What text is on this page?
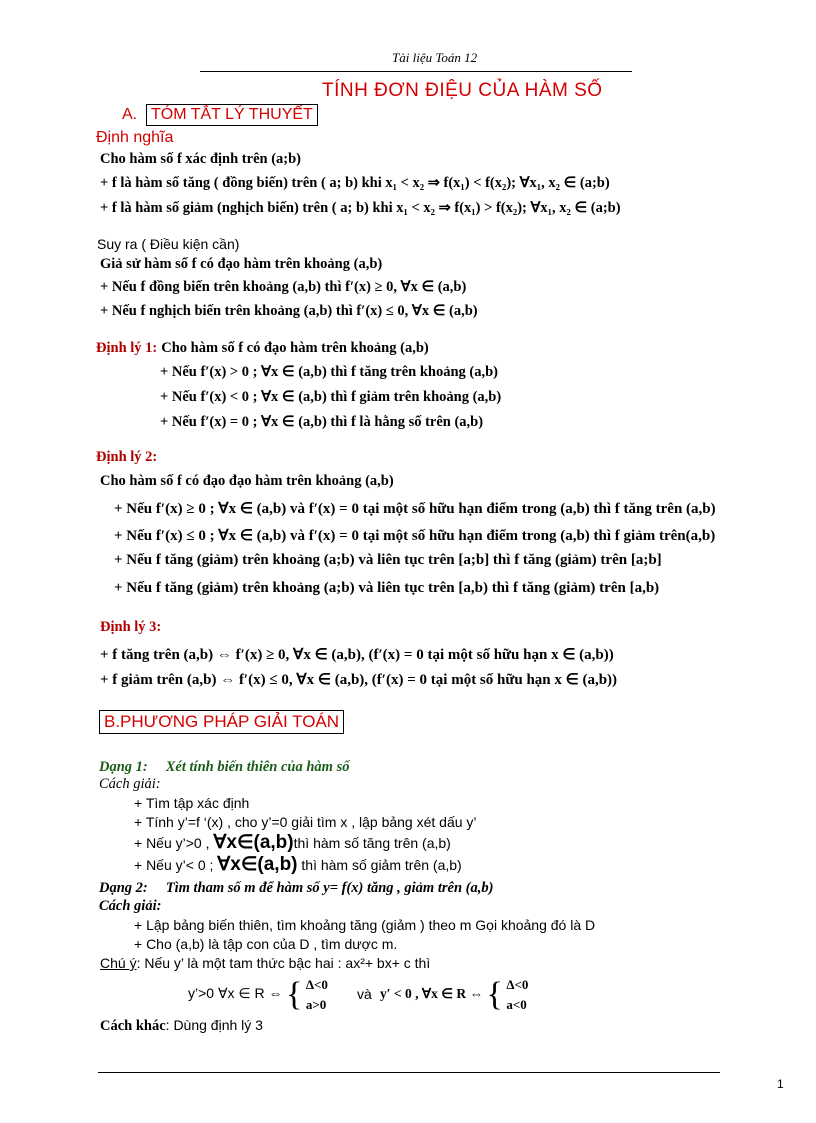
Tài liệu Toán 12
TÍNH ĐƠN ĐIỆU CỦA HÀM SỐ
A. TÓM TẮT LÝ THUYẾT
Định nghĩa
Cho hàm số f xác định trên (a;b)
+ f là hàm số tăng ( đồng biến) trên ( a; b) khi x₁ < x₂ ⇒ f(x₁) < f(x₂); ∀x₁, x₂ ∈ (a;b)
+ f là hàm số giảm (nghịch biến) trên ( a; b) khi x₁ < x₂ ⇒ f(x₁) > f(x₂); ∀x₁, x₂ ∈ (a;b)
Suy ra ( Điều kiện cần)
Giả sử hàm số f có đạo hàm trên khoảng (a,b)
+ Nếu f đồng biến trên khoảng (a,b) thì f′(x) ≥ 0, ∀x ∈ (a,b)
+ Nếu f nghịch biến trên khoảng (a,b) thì f′(x) ≤ 0, ∀x ∈ (a,b)
Định lý 1: Cho hàm số f có đạo hàm trên khoảng (a,b)
+ Nếu f′(x) > 0 ; ∀x ∈ (a,b) thì f tăng trên khoảng (a,b)
+ Nếu f′(x) < 0 ; ∀x ∈ (a,b) thì f giảm trên khoảng (a,b)
+ Nếu f′(x) = 0 ; ∀x ∈ (a,b) thì f là hằng số trên (a,b)
Định lý 2:
Cho hàm số f có đạo đạo hàm trên khoảng (a,b)
+ Nếu f′(x) ≥ 0 ; ∀x ∈ (a,b) và f′(x) = 0 tại một số hữu hạn điểm trong (a,b) thì f tăng trên (a,b)
+ Nếu f′(x) ≤ 0 ; ∀x ∈ (a,b) và f′(x) = 0 tại một số hữu hạn điểm trong (a,b) thì f giảm trên(a,b)
+ Nếu f tăng (giảm) trên khoảng (a;b) và liên tục trên [a;b] thì f tăng (giảm) trên [a;b]
+ Nếu f tăng (giảm) trên khoảng (a;b) và liên tục trên [a,b) thì f tăng (giảm) trên [a,b)
Định lý 3:
+ f tăng trên (a,b) ⇔ f′(x) ≥ 0, ∀x ∈ (a,b), (f′(x) = 0 tại một số hữu hạn x ∈ (a,b))
+ f giảm trên (a,b) ⇔ f′(x) ≤ 0, ∀x ∈ (a,b), (f′(x) = 0 tại một số hữu hạn x ∈ (a,b))
B.PHƯƠNG PHÁP GIẢI TOÁN
Dạng 1: Xét tính biến thiên của hàm số
Cách giải:
+ Tìm tập xác định
+ Tính y’=f ‘(x) , cho y’=0 giải tìm x , lập bảng xét dấu y’
+ Nếu y’>0 , ∀x∈(a,b)thì hàm số tăng trên (a,b)
+ Nếu y’< 0 ; ∀x∈(a,b) thì hàm số giảm trên (a,b)
Dạng 2: Tìm tham số m để hàm số y= f(x) tăng , giảm trên (a,b)
Cách giải:
+ Lập bảng biến thiên, tìm khoảng tăng (giảm ) theo m Gọi khoảng đó là D
+ Cho (a,b) là tập con của D , tìm dược m.
Chú ý: Nếu y’ là một tam thức bậc hai : ax²+ bx+ c thì
y’>0 ∀x ∈ R ⇔ { Δ<0
a>0
và y′ < 0 , ∀x ∈ R ⇔ { Δ<0
a<0
Cách khác: Dùng định lý 3
1
